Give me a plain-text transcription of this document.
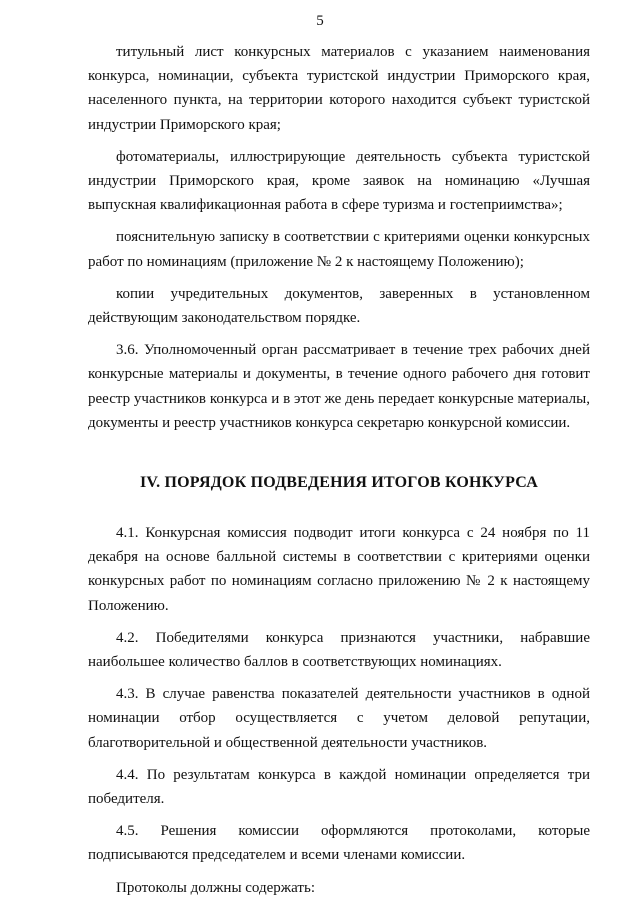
5

титульный лист конкурсных материалов с указанием наименования конкурса, номинации, субъекта туристской индустрии Приморского края, населенного пункта, на территории которого находится субъект туристской индустрии Приморского края;

фотоматериалы, иллюстрирующие деятельность субъекта туристской индустрии Приморского края, кроме заявок на номинацию «Лучшая выпускная квалификационная работа в сфере туризма и гостеприимства»;

пояснительную записку в соответствии с критериями оценки конкурсных работ по номинациям (приложение № 2 к настоящему Положению);

копии учредительных документов, заверенных в установленном действующим законодательством порядке.

3.6. Уполномоченный орган рассматривает в течение трех рабочих дней конкурсные материалы и документы, в течение одного рабочего дня готовит реестр участников конкурса и в этот же день передает конкурсные материалы, документы и реестр участников конкурса секретарю конкурсной комиссии.

IV. ПОРЯДОК ПОДВЕДЕНИЯ ИТОГОВ КОНКУРСА

4.1. Конкурсная комиссия подводит итоги конкурса с 24 ноября по 11 декабря на основе балльной системы в соответствии с критериями оценки конкурсных работ по номинациям согласно приложению № 2 к настоящему Положению.

4.2. Победителями конкурса признаются участники, набравшие наибольшее количество баллов в соответствующих номинациях.

4.3. В случае равенства показателей деятельности участников в одной номинации отбор осуществляется с учетом деловой репутации, благотворительной и общественной деятельности участников.

4.4. По результатам конкурса в каждой номинации определяется три победителя.

4.5. Решения комиссии оформляются протоколами, которые подписываются председателем и всеми членами комиссии.

Протоколы должны содержать:
